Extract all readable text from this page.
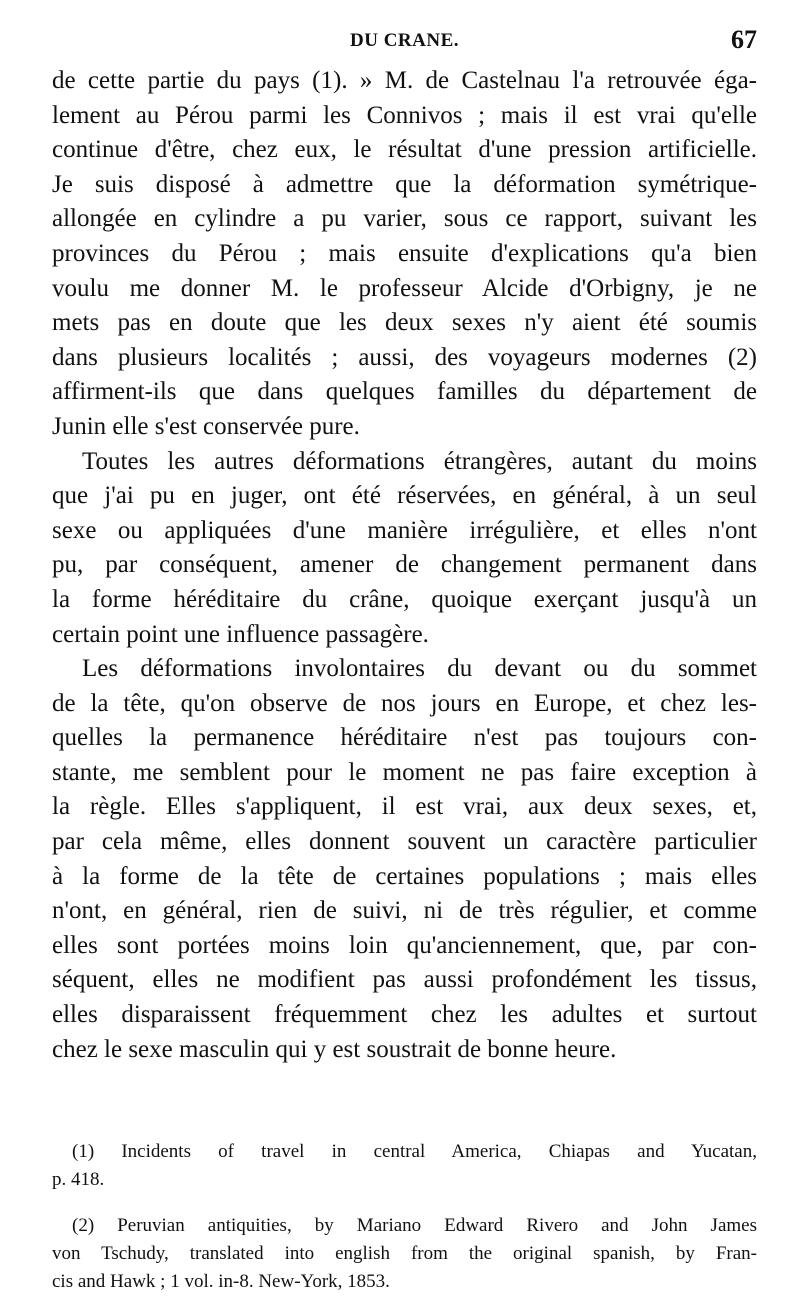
DU CRANE.	67
de cette partie du pays (1). » M. de Castelnau l'a retrouvée éga-
lement au Pérou parmi les Connivos ; mais il est vrai qu'elle
continue d'être, chez eux, le résultat d'une pression artificielle.
Je suis disposé à admettre que la déformation symétrique-
allongée en cylindre a pu varier, sous ce rapport, suivant les
provinces du Pérou ; mais ensuite d'explications qu'a bien
voulu me donner M. le professeur Alcide d'Orbigny, je ne
mets pas en doute que les deux sexes n'y aient été soumis
dans plusieurs localités ; aussi, des voyageurs modernes (2)
affirment-ils que dans quelques familles du département de
Junin elle s'est conservée pure.
Toutes les autres déformations étrangères, autant du moins
que j'ai pu en juger, ont été réservées, en général, à un seul
sexe ou appliquées d'une manière irrégulière, et elles n'ont
pu, par conséquent, amener de changement permanent dans
la forme héréditaire du crâne, quoique exerçant jusqu'à un
certain point une influence passagère.
Les déformations involontaires du devant ou du sommet
de la tête, qu'on observe de nos jours en Europe, et chez les-
quelles la permanence héréditaire n'est pas toujours con-
stante, me semblent pour le moment ne pas faire exception à
la règle. Elles s'appliquent, il est vrai, aux deux sexes, et,
par cela même, elles donnent souvent un caractère particulier
à la forme de la tête de certaines populations ; mais elles
n'ont, en général, rien de suivi, ni de très régulier, et comme
elles sont portées moins loin qu'anciennement, que, par con-
séquent, elles ne modifient pas aussi profondément les tissus,
elles disparaissent fréquemment chez les adultes et surtout
chez le sexe masculin qui y est soustrait de bonne heure.
(1) Incidents of travel in central America, Chiapas and Yucatan,
p. 418.
(2) Peruvian antiquities, by Mariano Edward Rivero and John James
von Tschudy, translated into english from the original spanish, by Fran-
cis and Hawk ; 1 vol. in-8. New-York, 1853.
